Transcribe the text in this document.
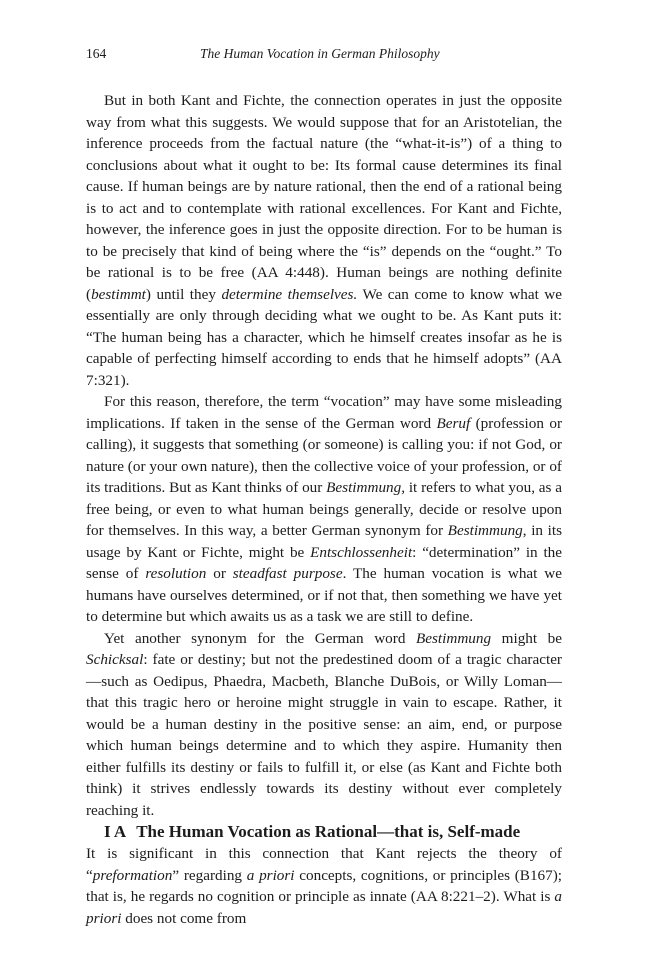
164	The Human Vocation in German Philosophy

But in both Kant and Fichte, the connection operates in just the opposite way from what this suggests. We would suppose that for an Aristotelian, the inference proceeds from the factual nature (the “what-it-is”) of a thing to conclusions about what it ought to be: Its formal cause determines its final cause. If human beings are by nature rational, then the end of a rational being is to act and to contemplate with rational excellences. For Kant and Fichte, however, the inference goes in just the opposite direction. For to be human is to be precisely that kind of being where the “is” depends on the “ought.” To be rational is to be free (AA 4:448). Human beings are nothing definite (bestimmt) until they determine themselves. We can come to know what we essentially are only through deciding what we ought to be. As Kant puts it: “The human being has a character, which he himself creates insofar as he is capable of perfecting himself according to ends that he himself adopts” (AA 7:321).

For this reason, therefore, the term “vocation” may have some misleading implications. If taken in the sense of the German word Beruf (profession or calling), it suggests that something (or someone) is calling you: if not God, or nature (or your own nature), then the collective voice of your profession, or of its traditions. But as Kant thinks of our Bestimmung, it refers to what you, as a free being, or even to what human beings generally, decide or resolve upon for themselves. In this way, a better German synonym for Bestimmung, in its usage by Kant or Fichte, might be Entschlossenheit: “determination” in the sense of resolution or steadfast purpose. The human vocation is what we humans have ourselves determined, or if not that, then something we have yet to determine but which awaits us as a task we are still to define.

Yet another synonym for the German word Bestimmung might be Schicksal: fate or destiny; but not the predestined doom of a tragic character—such as Oedipus, Phaedra, Macbeth, Blanche DuBois, or Willy Loman—that this tragic hero or heroine might struggle in vain to escape. Rather, it would be a human destiny in the positive sense: an aim, end, or purpose which human beings determine and to which they aspire. Humanity then either fulfills its destiny or fails to fulfill it, or else (as Kant and Fichte both think) it strives endlessly towards its destiny without ever completely reaching it.

I A The Human Vocation as Rational—that is, Self-made

It is significant in this connection that Kant rejects the theory of “preformation” regarding a priori concepts, cognitions, or principles (B167); that is, he regards no cognition or principle as innate (AA 8:221–2). What is a priori does not come from
